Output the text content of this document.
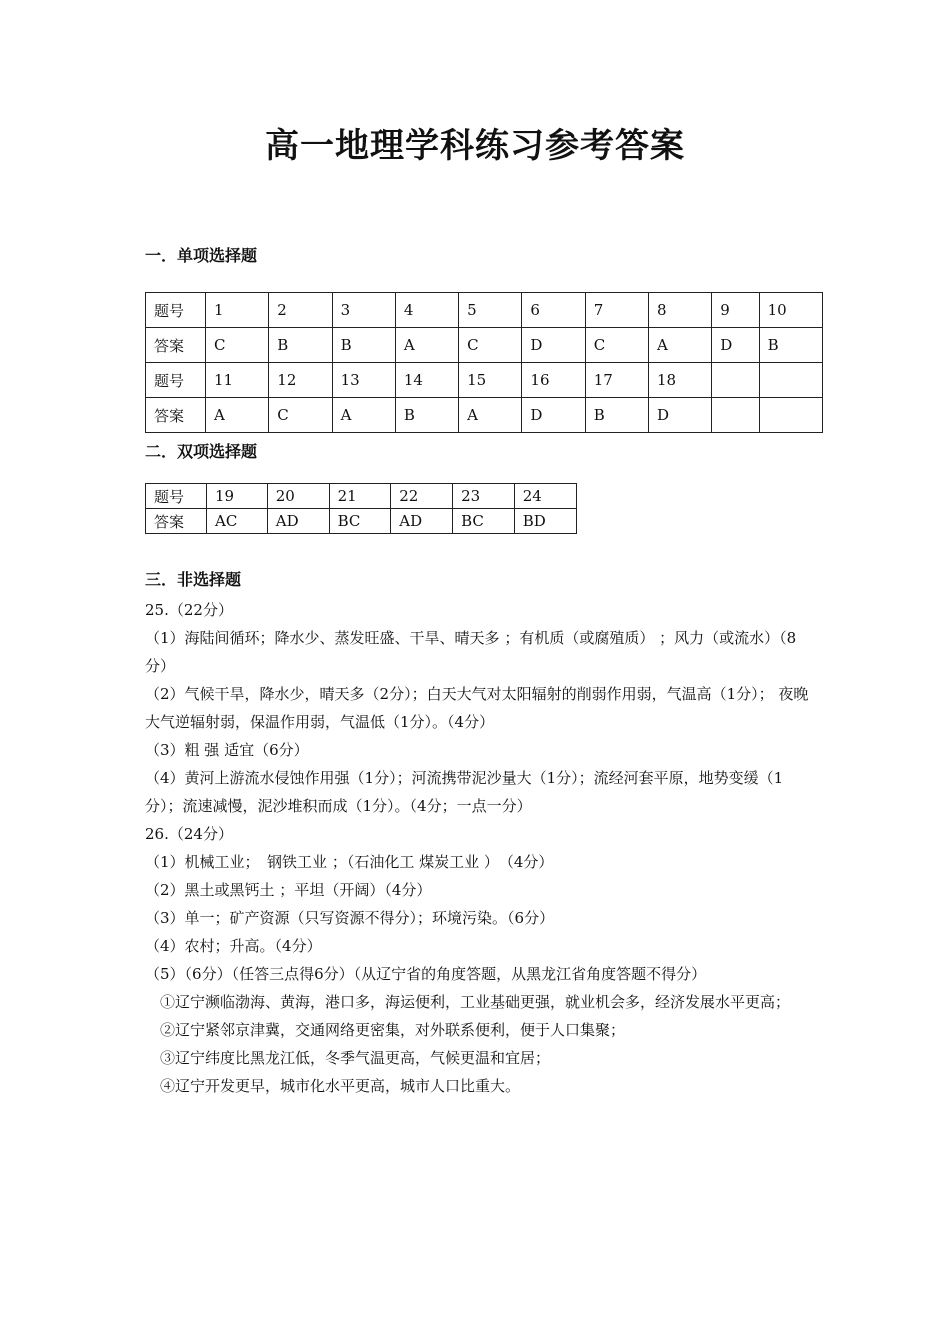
高一地理学科练习参考答案
一．单项选择题
题号	1	2	3	4	5	6	7	8	9	10
答案	C	B	B	A	C	D	C	A	D	B
题号	11	12	13	14	15	16	17	18		
答案	A	C	A	B	A	D	B	D		
二．双项选择题
题号	19	20	21	22	23	24
答案	AC	AD	BC	AD	BC	BD
三．非选择题

25.（22分）

（1）海陆间循环；降水少、蒸发旺盛、干旱、晴天多 ；有机质（或腐殖质） ；风力（或流水）（8分）

（2）气候干旱，降水少，晴天多（2分）；白天大气对太阳辐射的削弱作用弱，气温高（1分）； 夜晚大气逆辐射弱，保温作用弱，气温低（1分）。（4分）

（3）粗 强 适宜（6分）

（4）黄河上游流水侵蚀作用强（1分）；河流携带泥沙量大（1分）；流经河套平原，地势变缓（1分）；流速减慢，泥沙堆积而成（1分）。（4分；一点一分）

26.（24分）

（1）机械工业；　钢铁工业 ；（石油化工 煤炭工业 ）　（4分）

（2）黑土或黑钙土 ；平坦（开阔）（4分）

（3）单一；矿产资源（只写资源不得分）；环境污染。（6分）

（4）农村；升高。（4分）

（5）（6分）（任答三点得6分）（从辽宁省的角度答题，从黑龙江省角度答题不得分）

①辽宁濒临渤海、黄海，港口多，海运便利，工业基础更强，就业机会多，经济发展水平更高；

②辽宁紧邻京津冀，交通网络更密集，对外联系便利，便于人口集聚；

③辽宁纬度比黑龙江低，冬季气温更高，气候更温和宜居；

④辽宁开发更早，城市化水平更高，城市人口比重大。
